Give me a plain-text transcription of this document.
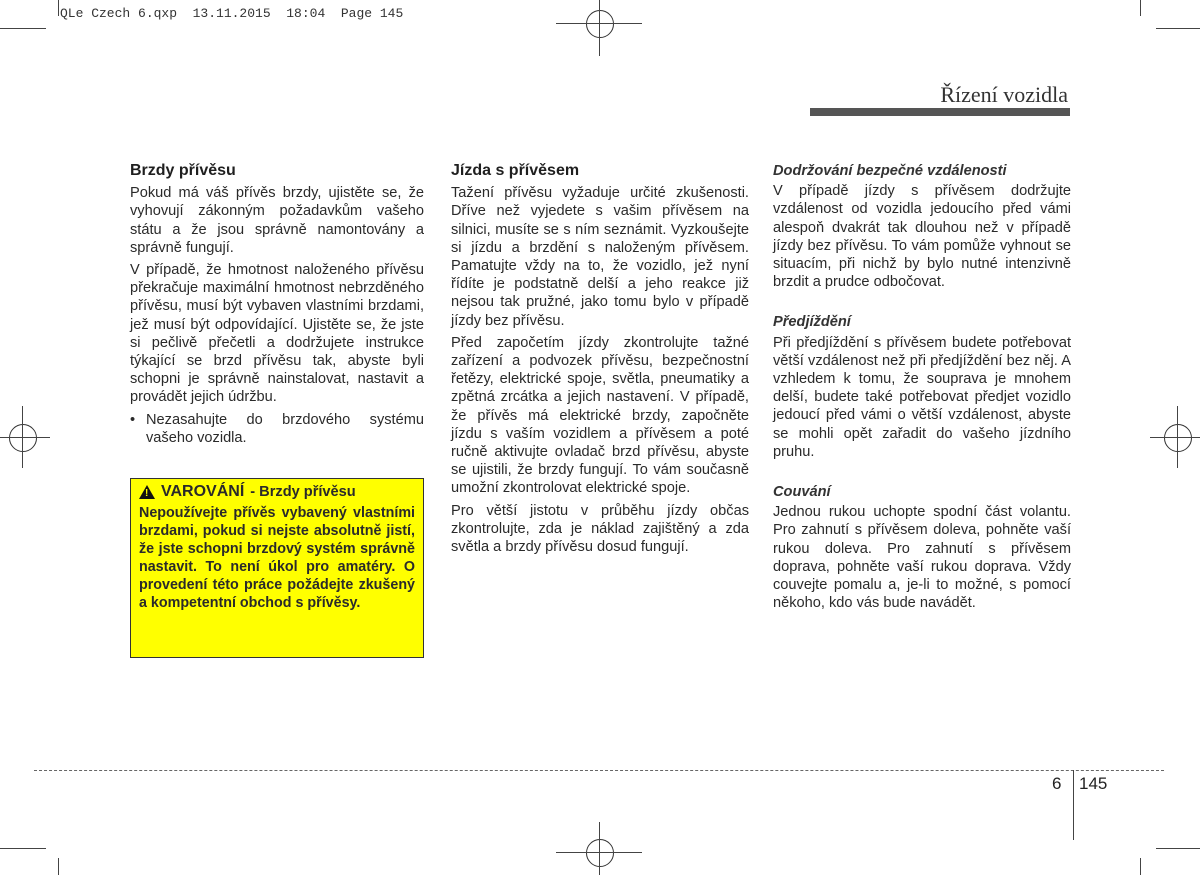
QLe Czech 6.qxp  13.11.2015  18:04  Page 145
Řízení vozidla
Brzdy přívěsu

Pokud má váš přívěs brzdy, ujistěte se, že vyhovují zákonným požadavkům vašeho státu a že jsou správně namontovány a správně fungují.

V případě, že hmotnost naloženého přívěsu překračuje maximální hmotnost nebrzděného přívěsu, musí být vybaven vlastními brzdami, jež musí být odpovídající. Ujistěte se, že jste si pečlivě přečetli a dodržujete instrukce týkající se brzd přívěsu tak, abyste byli schopni je správně nainstalovat, nastavit a provádět jejich údržbu.

• Nezasahujte do brzdového systému vašeho vozidla.

! VAROVÁNÍ - Brzdy přívěsu

Nepoužívejte přívěs vybavený vlastními brzdami, pokud si nejste absolutně jistí, že jste schopni brzdový systém správně nastavit. To není úkol pro amatéry. O provedení této práce požádejte zkušený a kompetentní obchod s přívěsy.

Jízda s přívěsem

Tažení přívěsu vyžaduje určité zkušenosti. Dříve než vyjedete s vašim přívěsem na silnici, musíte se s ním seznámit. Vyzkoušejte si jízdu a brzdění s naloženým přívěsem. Pamatujte vždy na to, že vozidlo, jež nyní řídíte je podstatně delší a jeho reakce již nejsou tak pružné, jako tomu bylo v případě jízdy bez přívěsu.

Před započetím jízdy zkontrolujte tažné zařízení a podvozek přívěsu, bezpečnostní řetězy, elektrické spoje, světla, pneumatiky a zpětná zrcátka a jejich nastavení. V případě, že přívěs má elektrické brzdy, započněte jízdu s vaším vozidlem a přívěsem a poté ručně aktivujte ovladač brzd přívěsu, abyste se ujistili, že brzdy fungují. To vám současně umožní zkontrolovat elektrické spoje.

Pro větší jistotu v průběhu jízdy občas zkontrolujte, zda je náklad zajištěný a zda světla a brzdy přívěsu dosud fungují.

Dodržování bezpečné vzdálenosti

V případě jízdy s přívěsem dodržujte vzdálenost od vozidla jedoucího před vámi alespoň dvakrát tak dlouhou než v případě jízdy bez přívěsu. To vám pomůže vyhnout se situacím, při nichž by bylo nutné intenzivně brzdit a prudce odbočovat.

Předjíždění

Při předjíždění s přívěsem budete potřebovat větší vzdálenost než při předjíždění bez něj. A vzhledem k tomu, že souprava je mnohem delší, budete také potřebovat předjet vozidlo jedoucí před vámi o větší vzdálenost, abyste se mohli opět zařadit do vašeho jízdního pruhu.

Couvání

Jednou rukou uchopte spodní část volantu. Pro zahnutí s přívěsem doleva, pohněte vaší rukou doleva. Pro zahnutí s přívěsem doprava, pohněte vaší rukou doprava. Vždy couvejte pomalu a, je-li to možné, s pomocí někoho, kdo vás bude navádět.

6 145
